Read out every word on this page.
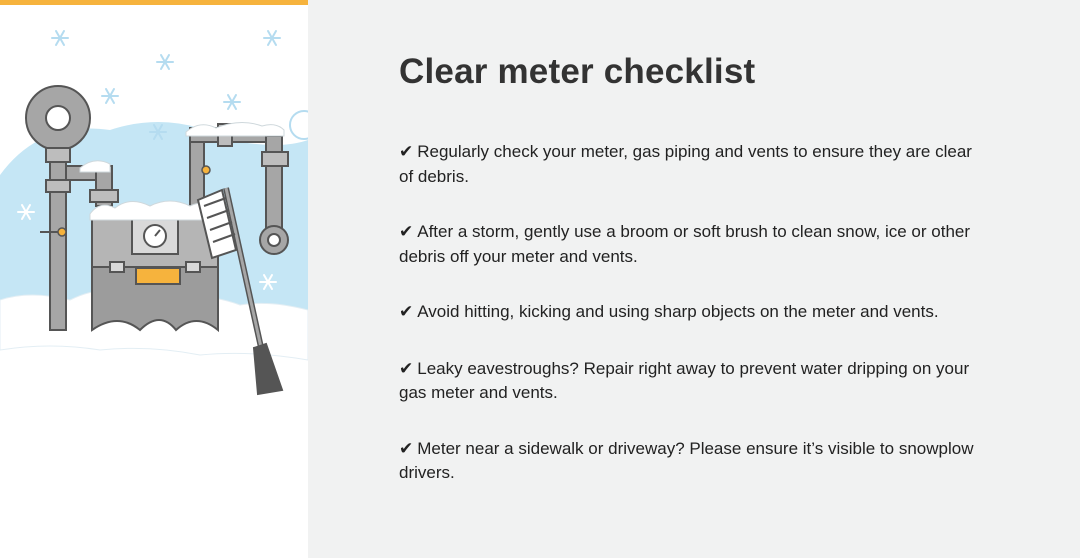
Clear meter checklist
✔ Regularly check your meter, gas piping and vents to ensure they are clear of debris.
✔ After a storm, gently use a broom or soft brush to clean snow, ice or other debris off your meter and vents.
✔ Avoid hitting, kicking and using sharp objects on the meter and vents.
✔ Leaky eavestroughs? Repair right away to prevent water dripping on your gas meter and vents.
✔ Meter near a sidewalk or driveway? Please ensure it’s visible to snowplow drivers.
